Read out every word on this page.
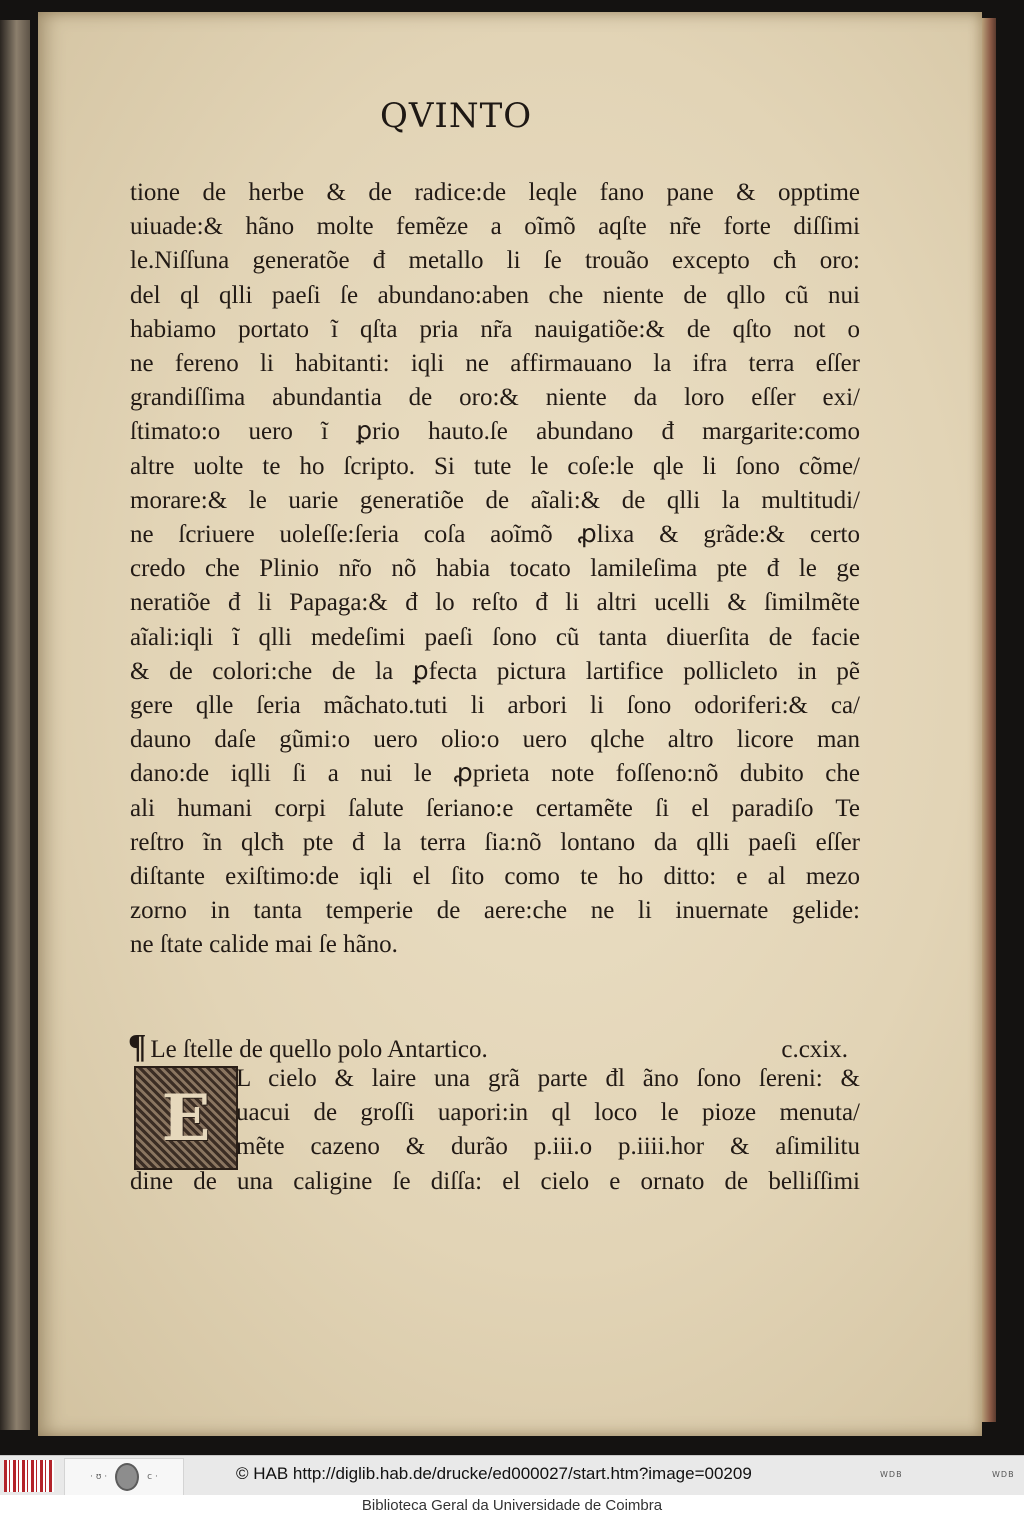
QVINTO
tione de herbe & de radice:de leqle fano pane & opptime
uiuade:& hãno molte femẽze a oĩmõ aqſte nr̃e forte diſſimi
le.Niſſuna generatõe đ metallo li ſe trouão excepto cħ oro:
del ql qlli paeſi ſe abundano:aben che niente de qllo cũ nui
habiamo portato ĩ qſta pria nr̃a nauigatiõe:& de qſto not o
ne fereno li habitanti: iqli ne affirmauano la ifra terra eſſer
grandiſſima abundantia de oro:& niente da loro eſſer exi/
ſtimato:o uero ĩ ꝑrio hauto.ſe abundano đ margarite:como
altre uolte te ho ſcripto. Si tute le coſe:le qle li ſono cõme/
morare:& le uarie generatiõe de aĩali:& de qlli la multitudi/
ne ſcriuere uoleſſe:ſeria coſa aoĩmõ ꝓlixa & grãde:& certo
credo che Plinio nr̃o nõ habia tocato lamileſima pte đ le ge
neratiõe đ li Papaga:& đ lo reſto đ li altri ucelli & ſimilmẽte
aĩali:iqli ĩ qlli medeſimi paeſi ſono cũ tanta diuerſita de facie
& de colori:che de la ꝑfecta pictura lartifice pollicleto in pẽ
gere qlle ſeria mãchato.tuti li arbori li ſono odoriferi:& ca/
dauno daſe gũmi:o uero olio:o uero qlche altro licore man
dano:de iqlli ſi a nui le ꝓprieta note foſſeno:nõ dubito che
ali humani corpi ſalute ſeriano:e certamẽte ſi el paradiſo Te
reſtro ĩn qlcħ pte đ la terra ſia:nõ lontano da qlli paeſi eſſer
diſtante exiſtimo:de iqli el ſito como te ho ditto: e al mezo
zorno in tanta temperie de aere:che ne li inuernate gelide:
ne ſtate calide mai ſe hãno.
¶ Le ſtelle de quello polo Antartico.	c.cxix.
E
L cielo & laire una grã parte đl ãno ſono ſereni: &
uacui de groſſi uapori:in ql loco le pioze menuta/
mẽte cazeno & durão p.iii.o p.iiii.hor & aſimilitu
dine de una caligine ſe diſſa: el cielo e ornato de belliſſimi
· ʊ ·	ᴄ ·	© HAB http://diglib.hab.de/drucke/ed000027/start.htm?image=00209	WDB	WDB
Biblioteca Geral da Universidade de Coimbra
